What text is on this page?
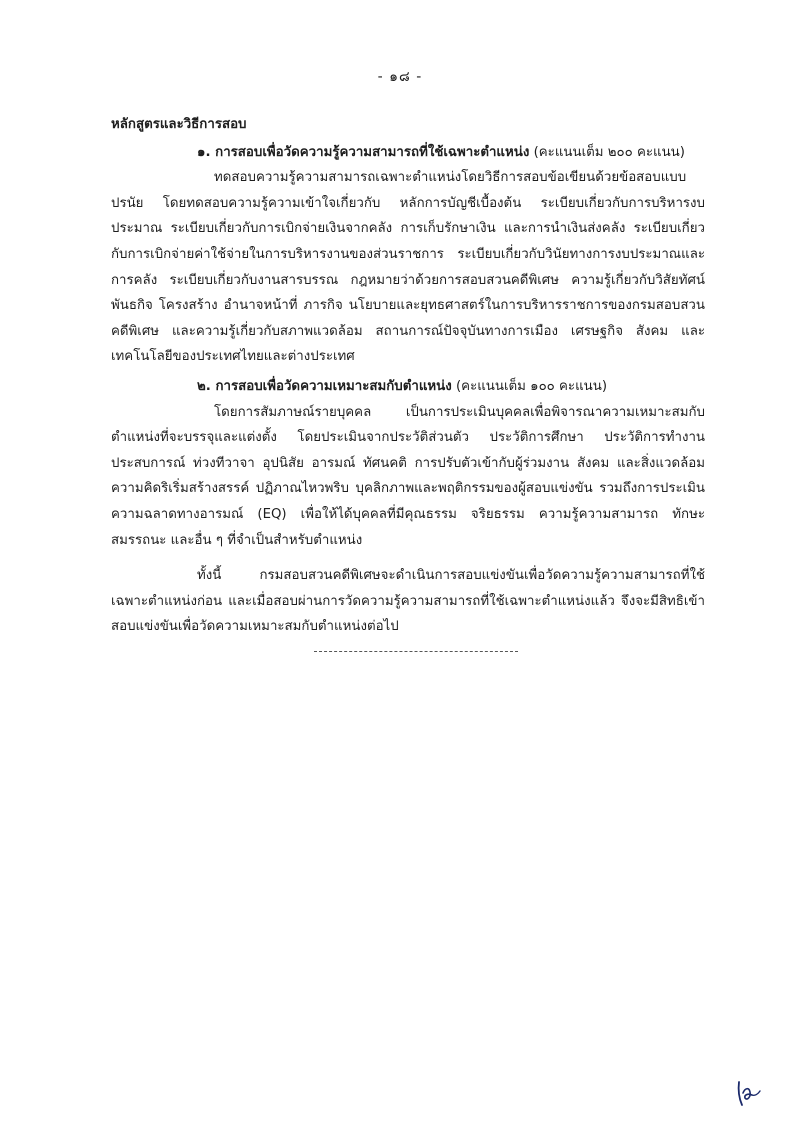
- ๑๘ -

หลักสูตรและวิธีการสอบ

๑. การสอบเพื่อวัดความรู้ความสามารถที่ใช้เฉพาะตำแหน่ง (คะแนนเต็ม ๒๐๐ คะแนน)

ทดสอบความรู้ความสามารถเฉพาะตำแหน่งโดยวิธีการสอบข้อเขียนด้วยข้อสอบแบบปรนัย โดยทดสอบความรู้ความเข้าใจเกี่ยวกับ หลักการบัญชีเบื้องต้น ระเบียบเกี่ยวกับการบริหารงบประมาณ ระเบียบเกี่ยวกับการเบิกจ่ายเงินจากคลัง การเก็บรักษาเงิน และการนำเงินส่งคลัง ระเบียบเกี่ยวกับการเบิกจ่ายค่าใช้จ่ายในการบริหารงานของส่วนราชการ ระเบียบเกี่ยวกับวินัยทางการงบประมาณและการคลัง ระเบียบเกี่ยวกับงานสารบรรณ กฎหมายว่าด้วยการสอบสวนคดีพิเศษ ความรู้เกี่ยวกับวิสัยทัศน์ พันธกิจ โครงสร้าง อำนาจหน้าที่ ภารกิจ นโยบายและยุทธศาสตร์ในการบริหารราชการของกรมสอบสวนคดีพิเศษ และความรู้เกี่ยวกับสภาพแวดล้อม สถานการณ์ปัจจุบันทางการเมือง เศรษฐกิจ สังคม และเทคโนโลยีของประเทศไทยและต่างประเทศ

๒. การสอบเพื่อวัดความเหมาะสมกับตำแหน่ง (คะแนนเต็ม ๑๐๐ คะแนน)

โดยการสัมภาษณ์รายบุคคล เป็นการประเมินบุคคลเพื่อพิจารณาความเหมาะสมกับตำแหน่งที่จะบรรจุและแต่งตั้ง โดยประเมินจากประวัติส่วนตัว ประวัติการศึกษา ประวัติการทำงาน ประสบการณ์ ท่วงทีวาจา อุปนิสัย อารมณ์ ทัศนคติ การปรับตัวเข้ากับผู้ร่วมงาน สังคม และสิ่งแวดล้อม ความคิดริเริ่มสร้างสรรค์ ปฏิภาณไหวพริบ บุคลิกภาพและพฤติกรรมของผู้สอบแข่งขัน รวมถึงการประเมินความฉลาดทางอารมณ์ (EQ) เพื่อให้ได้บุคคลที่มีคุณธรรม จริยธรรม ความรู้ความสามารถ ทักษะ สมรรถนะ และอื่น ๆ ที่จำเป็นสำหรับตำแหน่ง

ทั้งนี้ กรมสอบสวนคดีพิเศษจะดำเนินการสอบแข่งขันเพื่อวัดความรู้ความสามารถที่ใช้เฉพาะตำแหน่งก่อน และเมื่อสอบผ่านการวัดความรู้ความสามารถที่ใช้เฉพาะตำแหน่งแล้ว จึงจะมีสิทธิเข้าสอบแข่งขันเพื่อวัดความเหมาะสมกับตำแหน่งต่อไป
